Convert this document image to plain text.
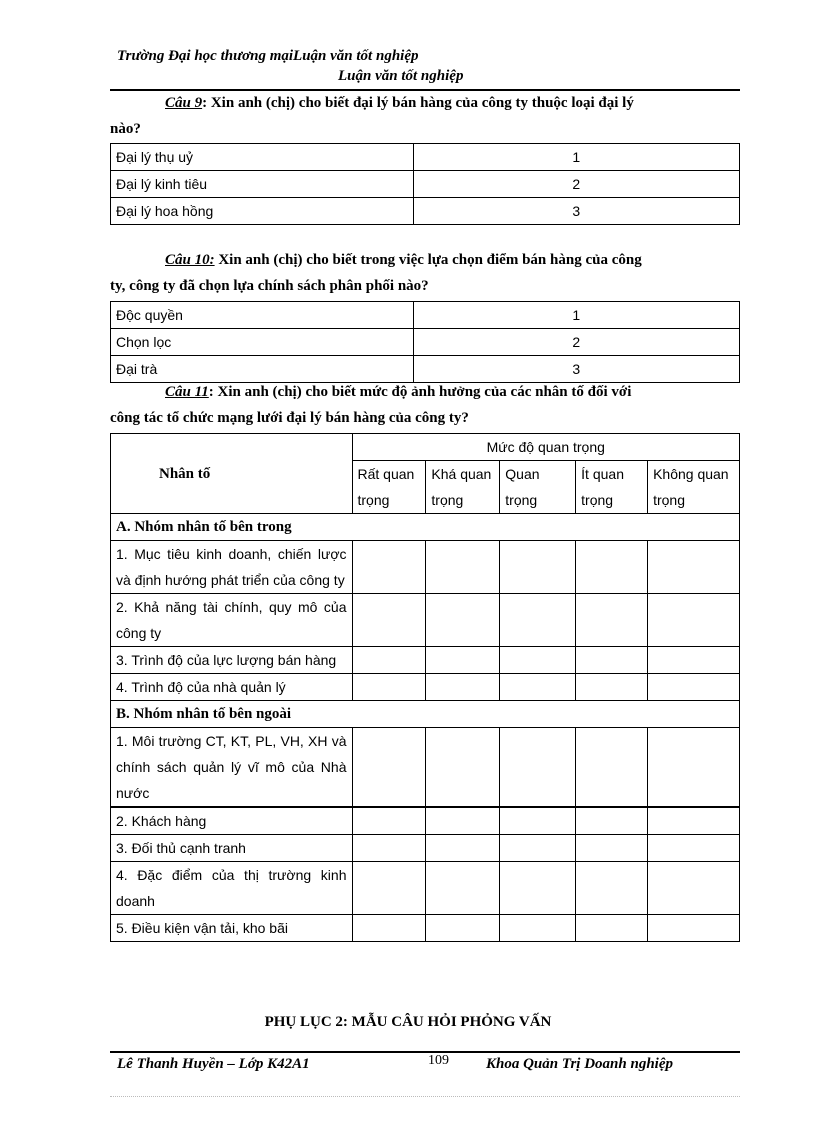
Trường Đại học thương mạiLuận văn tốt nghiệp
Luận văn tốt nghiệp
Câu 9: Xin anh (chị) cho biết đại lý bán hàng của công ty thuộc loại đại lý
nào?
Đại lý thụ uỷ	1
Đại lý kinh tiêu	2
Đại lý hoa hồng	3
Câu 10: Xin anh (chị) cho biết trong việc lựa chọn điểm bán hàng của công
ty, công ty đã chọn lựa chính sách phân phối nào?
Độc quyền	1
Chọn lọc	2
Đại trà	3
Câu 11: Xin anh (chị) cho biết mức độ ảnh hưởng của các nhân tố đối với
công tác tổ chức mạng lưới đại lý bán hàng của công ty?
Nhân tố	Mức độ quan trọng				
	Rất quan trọng	Khá quan trọng	Quan trọng	Ít quan trọng	Không quan trọng
A. Nhóm nhân tố bên trong					
1. Mục tiêu kinh doanh, chiến lược và định hướng phát triển của công ty					
2. Khả năng tài chính, quy mô của công ty					
3. Trình độ của lực lượng bán hàng					
4. Trình độ của nhà quản lý					
B. Nhóm nhân tố bên ngoài					
1. Môi trường CT, KT, PL, VH, XH và chính sách quản lý vĩ mô của Nhà nước					
2. Khách hàng					
3. Đối thủ cạnh tranh					
4. Đặc điểm của thị trường kinh doanh					
5. Điều kiện vận tải, kho bãi					
PHỤ LỤC 2: MẪU CÂU HỎI PHỎNG VẤN
Lê Thanh Huyền – Lớp K42A1	109 Khoa Quản Trị Doanh nghiệp
